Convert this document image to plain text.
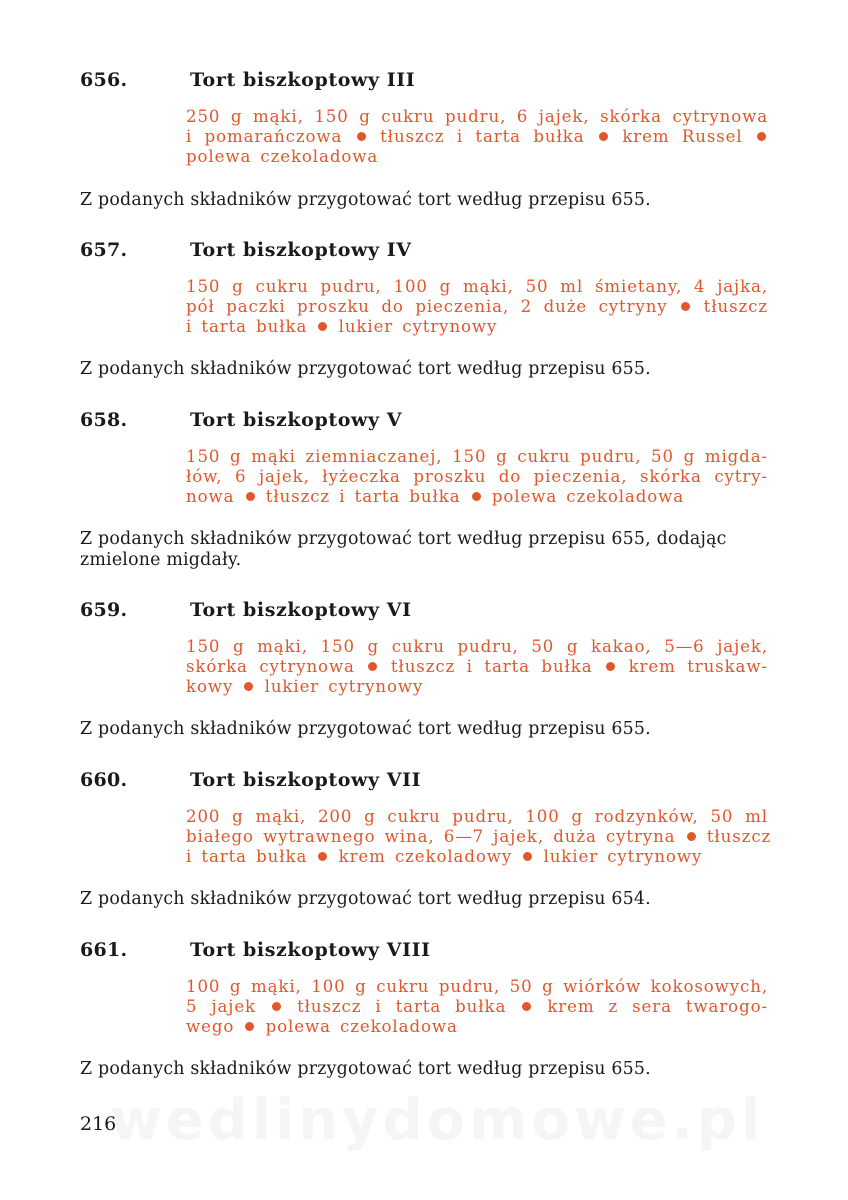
656.	Tort biszkoptowy III
250 g mąki, 150 g cukru pudru, 6 jajek, skórka cytrynowa
i pomarańczowa tłuszcz i tarta bułka krem Russel
polewa czekoladowa

Z podanych składników przygotować tort według przepisu 655.

657.	Tort biszkoptowy IV
150 g cukru pudru, 100 g mąki, 50 ml śmietany, 4 jajka,
pół paczki proszku do pieczenia, 2 duże cytryny tłuszcz
i tarta bułka lukier cytrynowy

Z podanych składników przygotować tort według przepisu 655.

658.	Tort biszkoptowy V
150 g mąki ziemniaczanej, 150 g cukru pudru, 50 g migda-
łów, 6 jajek, łyżeczka proszku do pieczenia, skórka cytry-
nowa tłuszcz i tarta bułka polewa czekoladowa

Z podanych składników przygotować tort według przepisu 655, dodając zmielone migdały.

659.	Tort biszkoptowy VI
150 g mąki, 150 g cukru pudru, 50 g kakao, 5—6 jajek,
skórka cytrynowa tłuszcz i tarta bułka krem truskaw-
kowy lukier cytrynowy

Z podanych składników przygotować tort według przepisu 655.

660.	Tort biszkoptowy VII
200 g mąki, 200 g cukru pudru, 100 g rodzynków, 50 ml
białego wytrawnego wina, 6—7 jajek, duża cytryna tłuszcz
i tarta bułka krem czekoladowy lukier cytrynowy

Z podanych składników przygotować tort według przepisu 654.

661.	Tort biszkoptowy VIII
100 g mąki, 100 g cukru pudru, 50 g wiórków kokosowych,
5 jajek tłuszcz i tarta bułka krem z sera twarogo-
wego polewa czekoladowa

Z podanych składników przygotować tort według przepisu 655.

wedlinydomowe.pl
216
